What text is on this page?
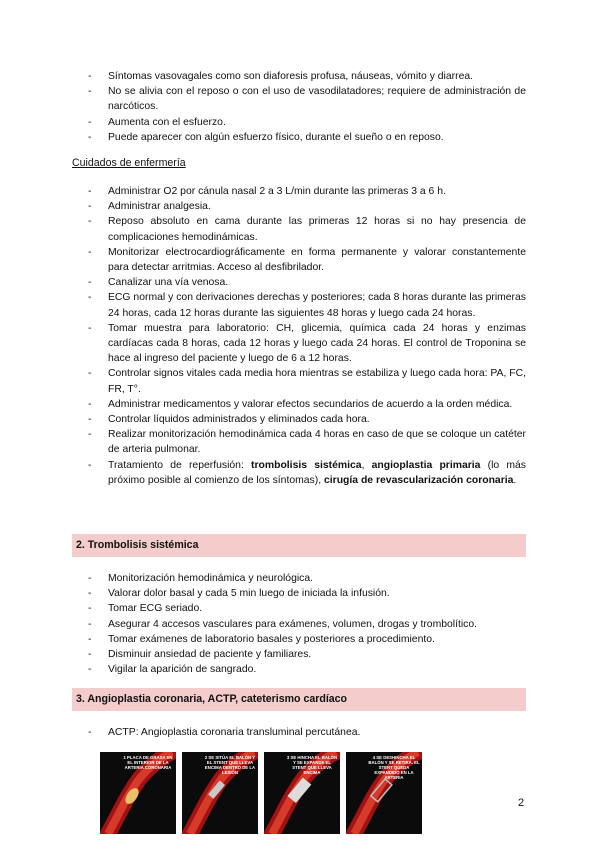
- Síntomas vasovagales como son diaforesis profusa, náuseas, vómito y diarrea.
- No se alivia con el reposo o con el uso de vasodilatadores; requiere de administración de narcóticos.
- Aumenta con el esfuerzo.
- Puede aparecer con algún esfuerzo físico, durante el sueño o en reposo.
Cuidados de enfermería
- Administrar O2 por cánula nasal 2 a 3 L/min durante las primeras 3 a 6 h.
- Administrar analgesia.
- Reposo absoluto en cama durante las primeras 12 horas si no hay presencia de complicaciones hemodinámicas.
- Monitorizar electrocardiográficamente en forma permanente y valorar constantemente para detectar arritmias. Acceso al desfibrilador.
- Canalizar una vía venosa.
- ECG normal y con derivaciones derechas y posteriores; cada 8 horas durante las primeras 24 horas, cada 12 horas durante las siguientes 48 horas y luego cada 24 horas.
- Tomar muestra para laboratorio: CH, glicemia, química cada 24 horas y enzimas cardíacas cada 8 horas, cada 12 horas y luego cada 24 horas. El control de Troponina se hace al ingreso del paciente y luego de 6 a 12 horas.
- Controlar signos vitales cada media hora mientras se estabiliza y luego cada hora: PA, FC, FR, T°.
- Administrar medicamentos y valorar efectos secundarios de acuerdo a la orden médica.
- Controlar líquidos administrados y eliminados cada hora.
- Realizar monitorización hemodinámica cada 4 horas en caso de que se coloque un catéter de arteria pulmonar.
- Tratamiento de reperfusión: trombolisis sistémica, angioplastia primaria (lo más próximo posible al comienzo de los síntomas), cirugía de revascularización coronaria.
2. Trombolisis sistémica
- Monitorización hemodinámica y neurológica.
- Valorar dolor basal y cada 5 min luego de iniciada la infusión.
- Tomar ECG seriado.
- Asegurar 4 accesos vasculares para exámenes, volumen, drogas y trombolítico.
- Tomar exámenes de laboratorio basales y posteriores a procedimiento.
- Disminuir ansiedad de paciente y familiares.
- Vigilar la aparición de sangrado.
3. Angioplastia coronaria, ACTP, cateterismo cardíaco
- ACTP: Angioplastia coronaria transluminal percutánea.
1 PLACA DE GRASA EN EL INTERIOR DE LA ARTERIA CORONARIA
2 SE SITÚA EL BALÓN Y EL STENT QUE LLEVA ENCIMA DENTRO DE LA LESIÓN
3 SE HINCHA EL BALÓN Y SE EXPANDE EL STENT QUE LLEVA ENCIMA
4 SE DESHINCHA EL BALÓN Y SE RETIRA. EL STENT QUEDA EXPANDIDO EN LA ARTERIA
2
